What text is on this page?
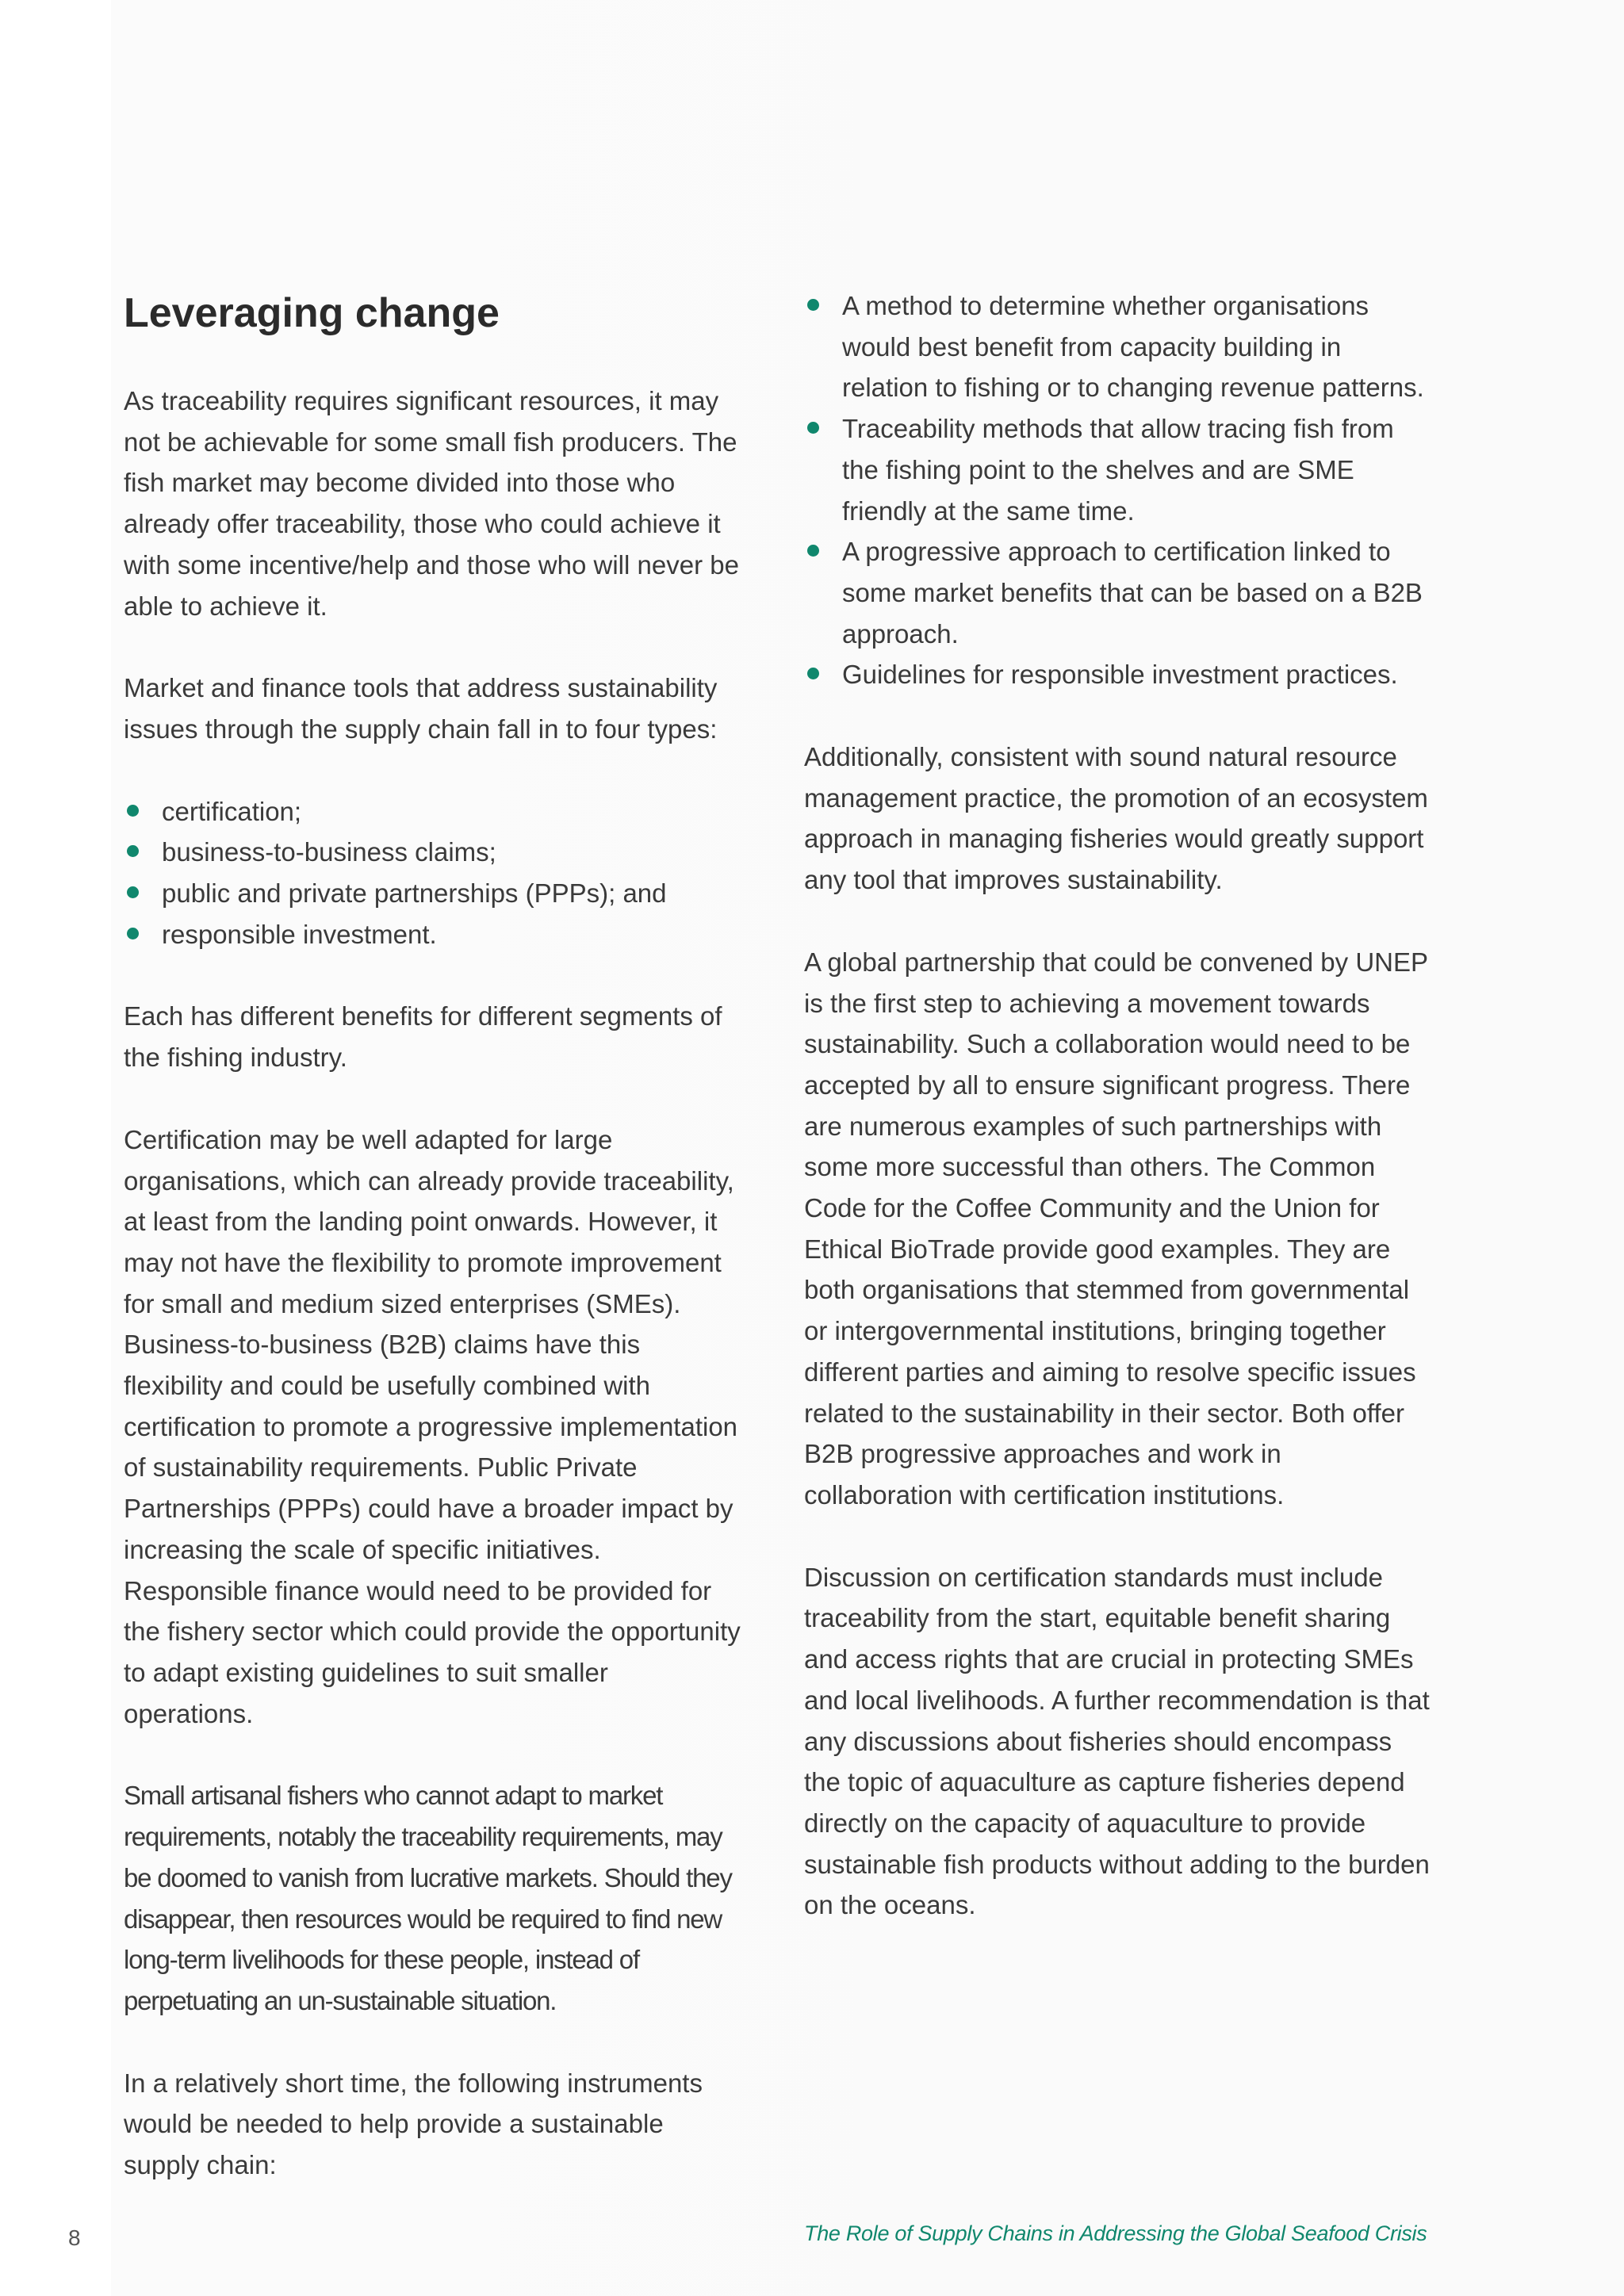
Leveraging change

As traceability requires significant resources, it may not be achievable for some small fish producers. The fish market may become divided into those who already offer traceability, those who could achieve it with some incentive/help and those who will never be able to achieve it.

Market and finance tools that address sustainability issues through the supply chain fall in to four types:

certification;
business-to-business claims;
public and private partnerships (PPPs); and
responsible investment.

Each has different benefits for different segments of the fishing industry.

Certification may be well adapted for large organisations, which can already provide traceability, at least from the landing point onwards. However, it may not have the flexibility to promote improvement for small and medium sized enterprises (SMEs). Business-to-business (B2B) claims have this flexibility and could be usefully combined with certification to promote a progressive implementation of sustainability requirements. Public Private Partnerships (PPPs) could have a broader impact by increasing the scale of specific initiatives. Responsible finance would need to be provided for the fishery sector which could provide the opportunity to adapt existing guidelines to suit smaller operations.

Small artisanal fishers who cannot adapt to market requirements, notably the traceability requirements, may be doomed to vanish from lucrative markets. Should they disappear, then resources would be required to find new long-term livelihoods for these people, instead of perpetuating an un-sustainable situation.

In a relatively short time, the following instruments would be needed to help provide a sustainable supply chain:

A method to determine whether organisations would best benefit from capacity building in relation to fishing or to changing revenue patterns.
Traceability methods that allow tracing fish from the fishing point to the shelves and are SME friendly at the same time.
A progressive approach to certification linked to some market benefits that can be based on a B2B approach.
Guidelines for responsible investment practices.

Additionally, consistent with sound natural resource management practice, the promotion of an ecosystem approach in managing fisheries would greatly support any tool that improves sustainability.

A global partnership that could be convened by UNEP is the first step to achieving a movement towards sustainability. Such a collaboration would need to be accepted by all to ensure significant progress. There are numerous examples of such partnerships with some more successful than others. The Common Code for the Coffee Community and the Union for Ethical BioTrade provide good examples. They are both organisations that stemmed from governmental or intergovernmental institutions, bringing together different parties and aiming to resolve specific issues related to the sustainability in their sector. Both offer B2B progressive approaches and work in collaboration with certification institutions.

Discussion on certification standards must include traceability from the start, equitable benefit sharing and access rights that are crucial in protecting SMEs and local livelihoods. A further recommendation is that any discussions about fisheries should encompass the topic of aquaculture as capture fisheries depend directly on the capacity of aquaculture to provide sustainable fish products without adding to the burden on the oceans.

8	The Role of Supply Chains in Addressing the Global Seafood Crisis
